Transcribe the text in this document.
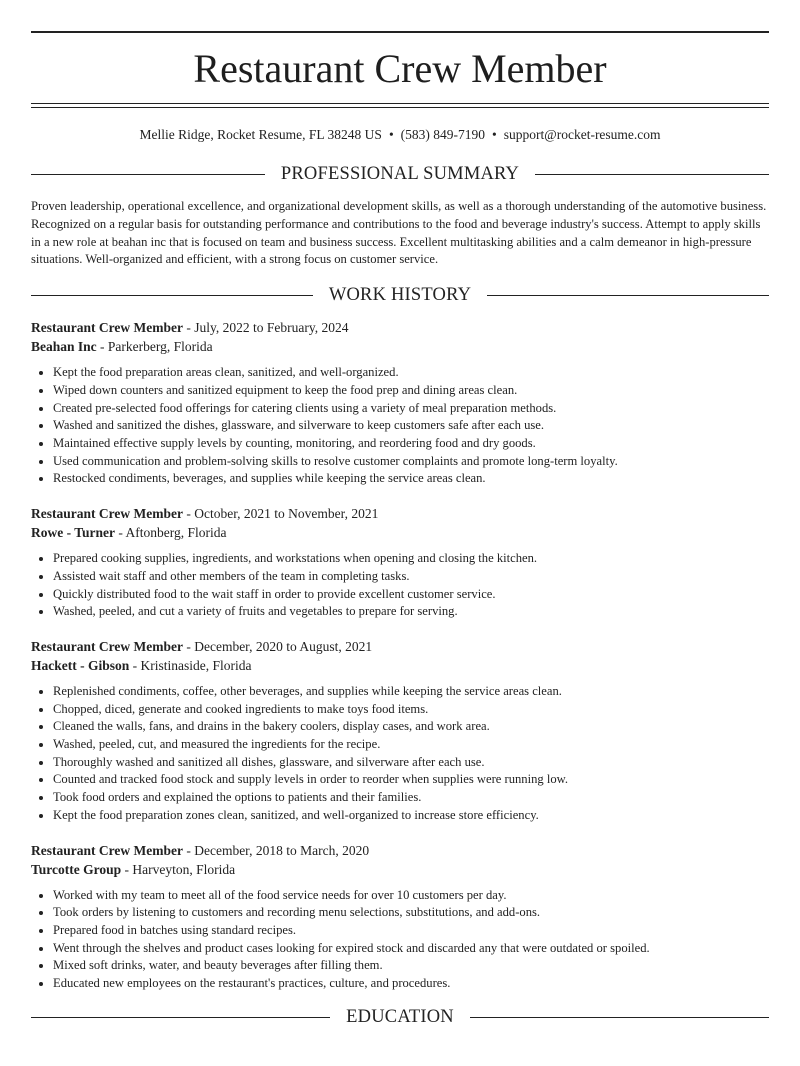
Restaurant Crew Member
Mellie Ridge, Rocket Resume, FL 38248 US • (583) 849-7190 • support@rocket-resume.com
PROFESSIONAL SUMMARY
Proven leadership, operational excellence, and organizational development skills, as well as a thorough understanding of the automotive business. Recognized on a regular basis for outstanding performance and contributions to the food and beverage industry's success. Attempt to apply skills in a new role at beahan inc that is focused on team and business success. Excellent multitasking abilities and a calm demeanor in high-pressure situations. Well-organized and efficient, with a strong focus on customer service.
WORK HISTORY
Restaurant Crew Member - July, 2022 to February, 2024
Beahan Inc - Parkerberg, Florida
• Kept the food preparation areas clean, sanitized, and well-organized.
• Wiped down counters and sanitized equipment to keep the food prep and dining areas clean.
• Created pre-selected food offerings for catering clients using a variety of meal preparation methods.
• Washed and sanitized the dishes, glassware, and silverware to keep customers safe after each use.
• Maintained effective supply levels by counting, monitoring, and reordering food and dry goods.
• Used communication and problem-solving skills to resolve customer complaints and promote long-term loyalty.
• Restocked condiments, beverages, and supplies while keeping the service areas clean.
Restaurant Crew Member - October, 2021 to November, 2021
Rowe - Turner - Aftonberg, Florida
• Prepared cooking supplies, ingredients, and workstations when opening and closing the kitchen.
• Assisted wait staff and other members of the team in completing tasks.
• Quickly distributed food to the wait staff in order to provide excellent customer service.
• Washed, peeled, and cut a variety of fruits and vegetables to prepare for serving.
Restaurant Crew Member - December, 2020 to August, 2021
Hackett - Gibson - Kristinaside, Florida
• Replenished condiments, coffee, other beverages, and supplies while keeping the service areas clean.
• Chopped, diced, generate and cooked ingredients to make toys food items.
• Cleaned the walls, fans, and drains in the bakery coolers, display cases, and work area.
• Washed, peeled, cut, and measured the ingredients for the recipe.
• Thoroughly washed and sanitized all dishes, glassware, and silverware after each use.
• Counted and tracked food stock and supply levels in order to reorder when supplies were running low.
• Took food orders and explained the options to patients and their families.
• Kept the food preparation zones clean, sanitized, and well-organized to increase store efficiency.
Restaurant Crew Member - December, 2018 to March, 2020
Turcotte Group - Harveyton, Florida
• Worked with my team to meet all of the food service needs for over 10 customers per day.
• Took orders by listening to customers and recording menu selections, substitutions, and add-ons.
• Prepared food in batches using standard recipes.
• Went through the shelves and product cases looking for expired stock and discarded any that were outdated or spoiled.
• Mixed soft drinks, water, and beauty beverages after filling them.
• Educated new employees on the restaurant's practices, culture, and procedures.
EDUCATION
